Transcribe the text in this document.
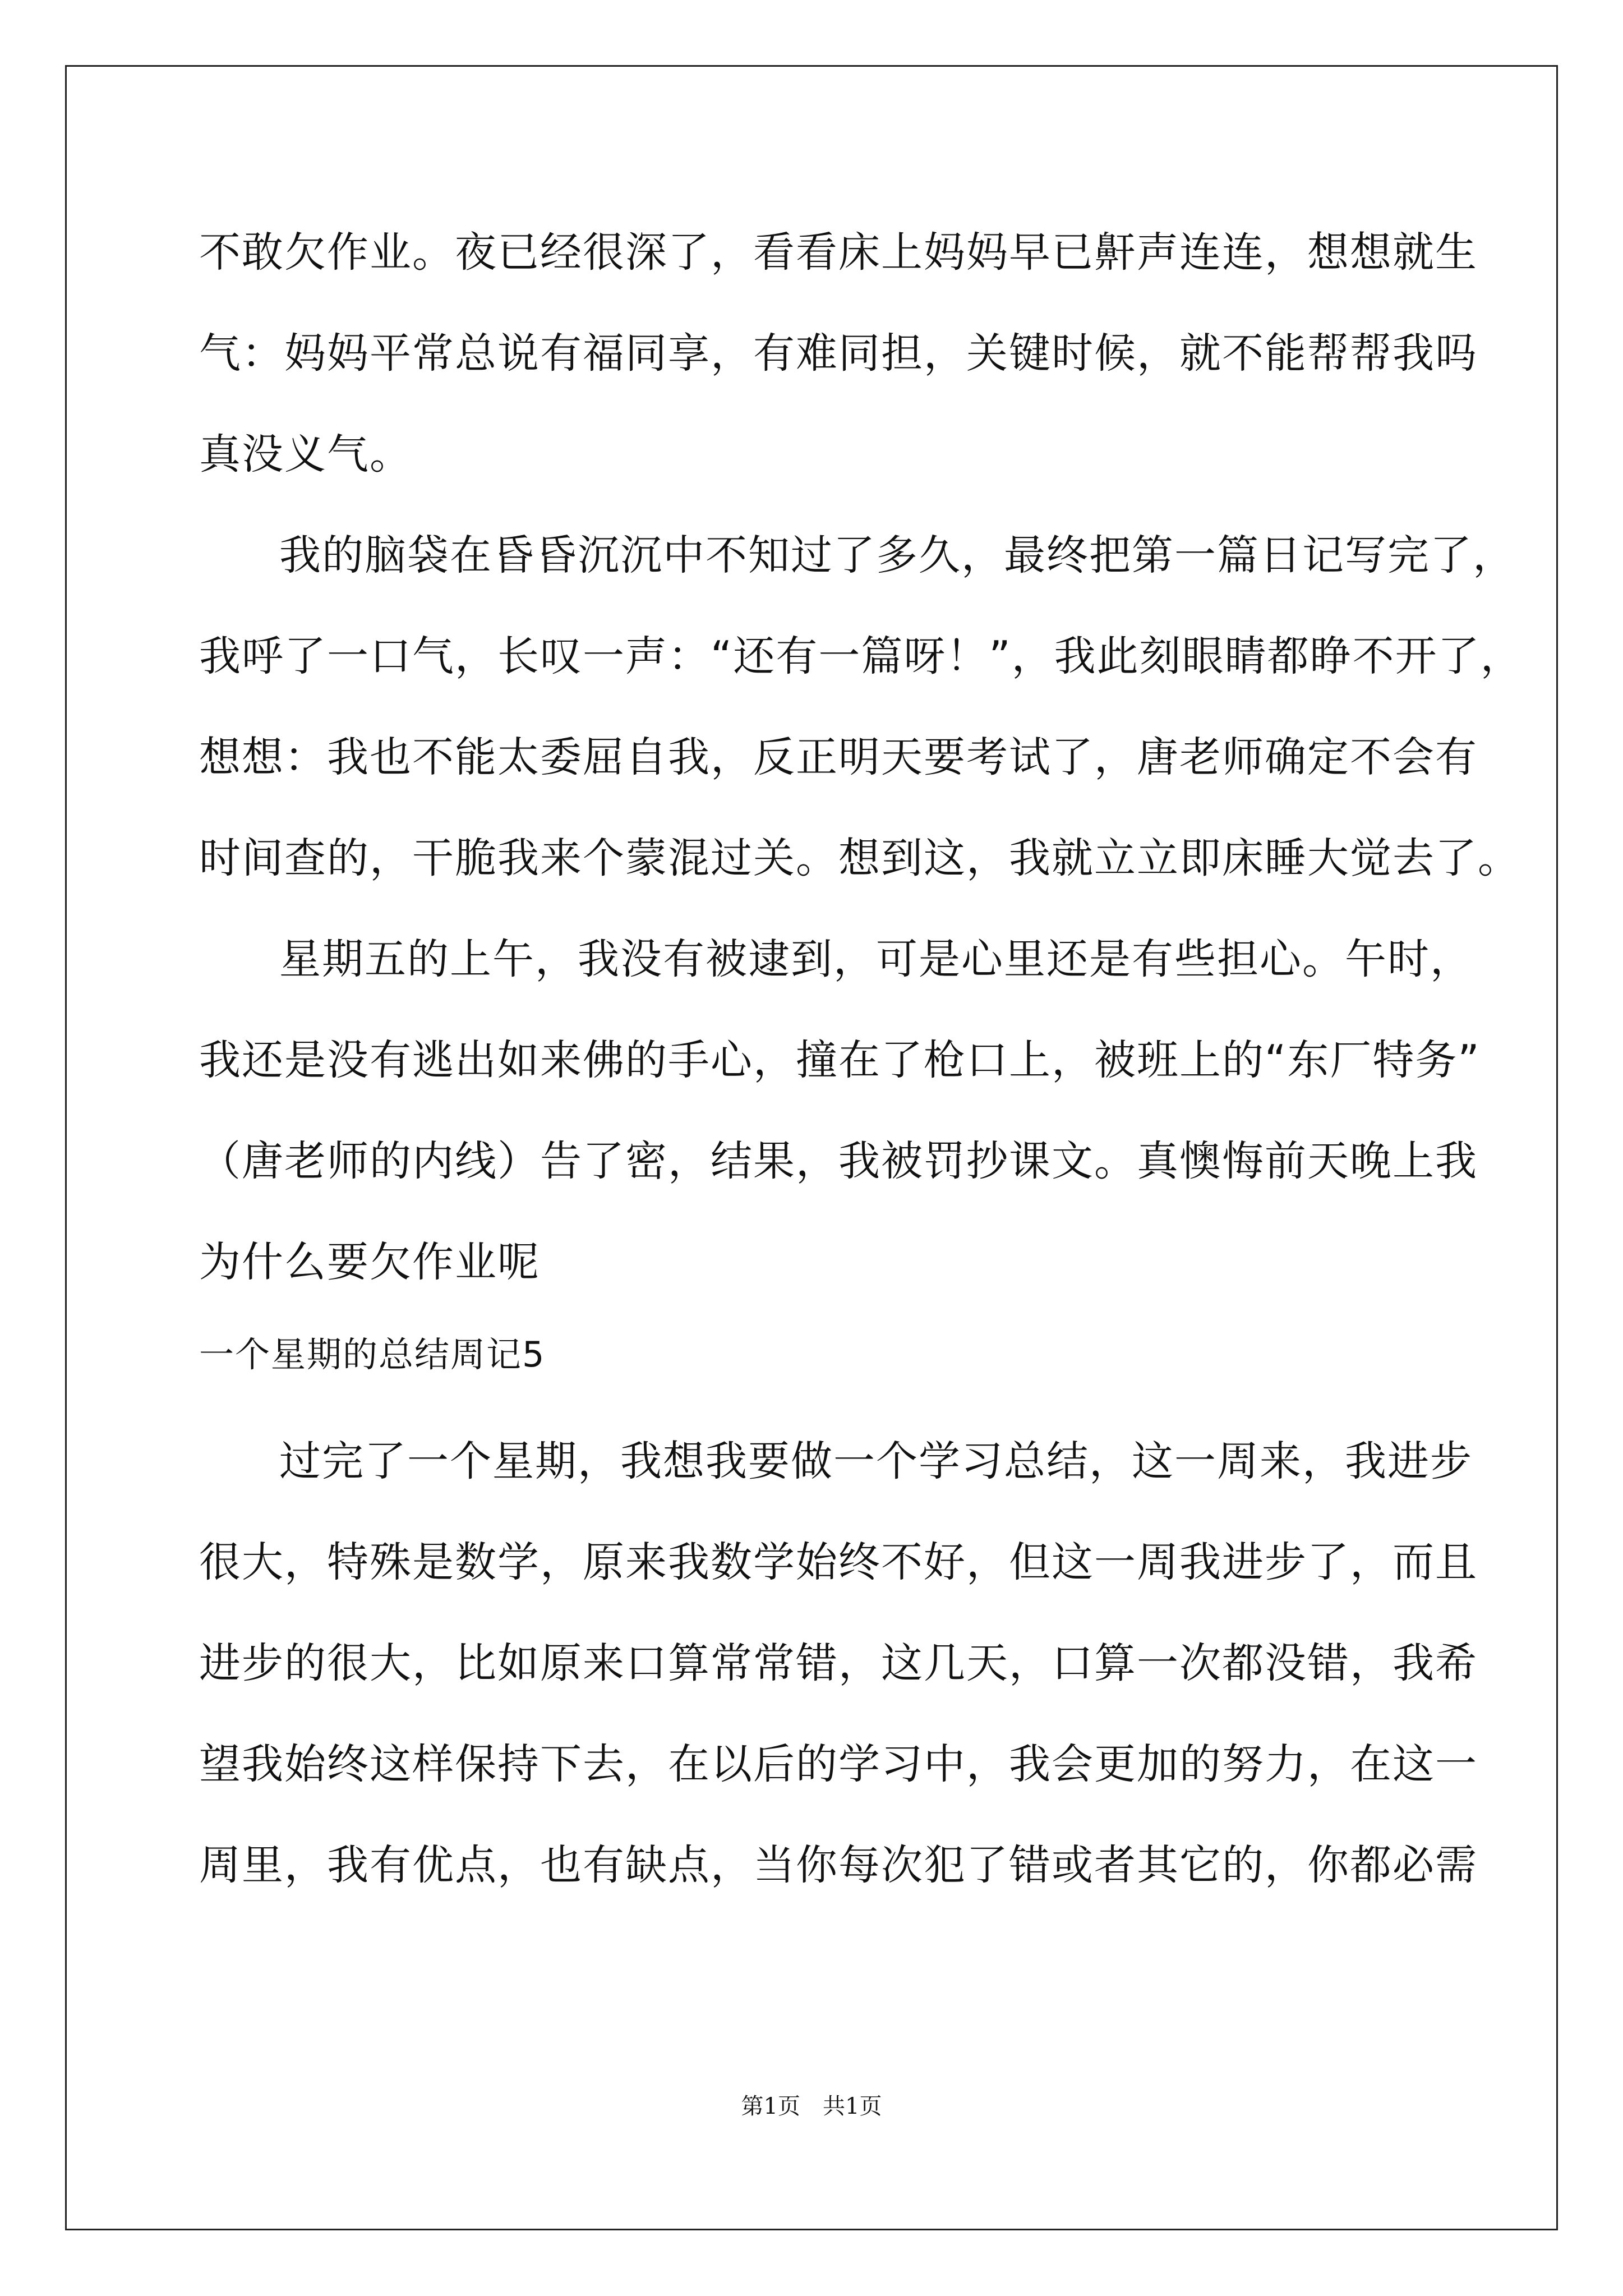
不敢欠作业。夜已经很深了，看看床上妈妈早已鼾声连连，想想就生
气：妈妈平常总说有福同享，有难同担，关键时候，就不能帮帮我吗
真没义气。
我的脑袋在昏昏沉沉中不知过了多久，最终把第一篇日记写完了，
我呼了一口气，长叹一声：“还有一篇呀！”，我此刻眼睛都睁不开了，
想想：我也不能太委屈自我，反正明天要考试了，唐老师确定不会有
时间查的，干脆我来个蒙混过关。想到这，我就立立即床睡大觉去了。
星期五的上午，我没有被逮到，可是心里还是有些担心。午时，
我还是没有逃出如来佛的手心，撞在了枪口上，被班上的“东厂特务”
（唐老师的内线）告了密，结果，我被罚抄课文。真懊悔前天晚上我
为什么要欠作业呢
一个星期的总结周记5
过完了一个星期，我想我要做一个学习总结，这一周来，我进步
很大，特殊是数学，原来我数学始终不好，但这一周我进步了，而且
进步的很大，比如原来口算常常错，这几天，口算一次都没错，我希
望我始终这样保持下去，在以后的学习中，我会更加的努力，在这一
周里，我有优点，也有缺点，当你每次犯了错或者其它的，你都必需
第1页　共1页
